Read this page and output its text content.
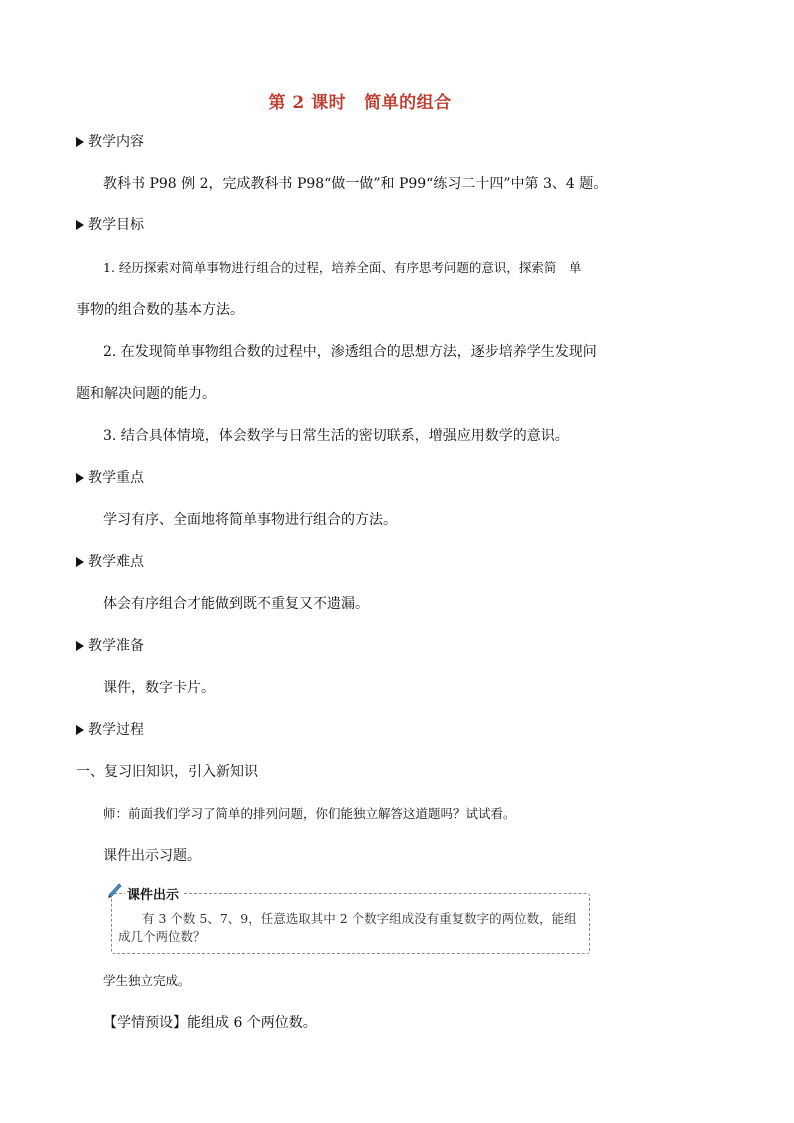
第 2 课时 简单的组合
教学内容
教科书 P98 例 2，完成教科书 P98“做一做”和 P99“练习二十四”中第 3、4 题。
教学目标
1. 经历探索对简单事物进行组合的过程，培养全面、有序思考问题的意识，探索简　单
事物的组合数的基本方法。
2. 在发现简单事物组合数的过程中，渗透组合的思想方法，逐步培养学生发现问
题和解决问题的能力。
3. 结合具体情境，体会数学与日常生活的密切联系，增强应用数学的意识。
教学重点
学习有序、全面地将简单事物进行组合的方法。
教学难点
体会有序组合才能做到既不重复又不遗漏。
教学准备
课件，数字卡片。
教学过程
一、复习旧知识，引入新知识
师：前面我们学习了简单的排列问题，你们能独立解答这道题吗？试试看。
课件出示习题。
课件出示
有 3 个数 5、7、9，任意选取其中 2 个数字组成没有重复数字的两位数，能组成几个两位数？
学生独立完成。
【学情预设】能组成 6 个两位数。
